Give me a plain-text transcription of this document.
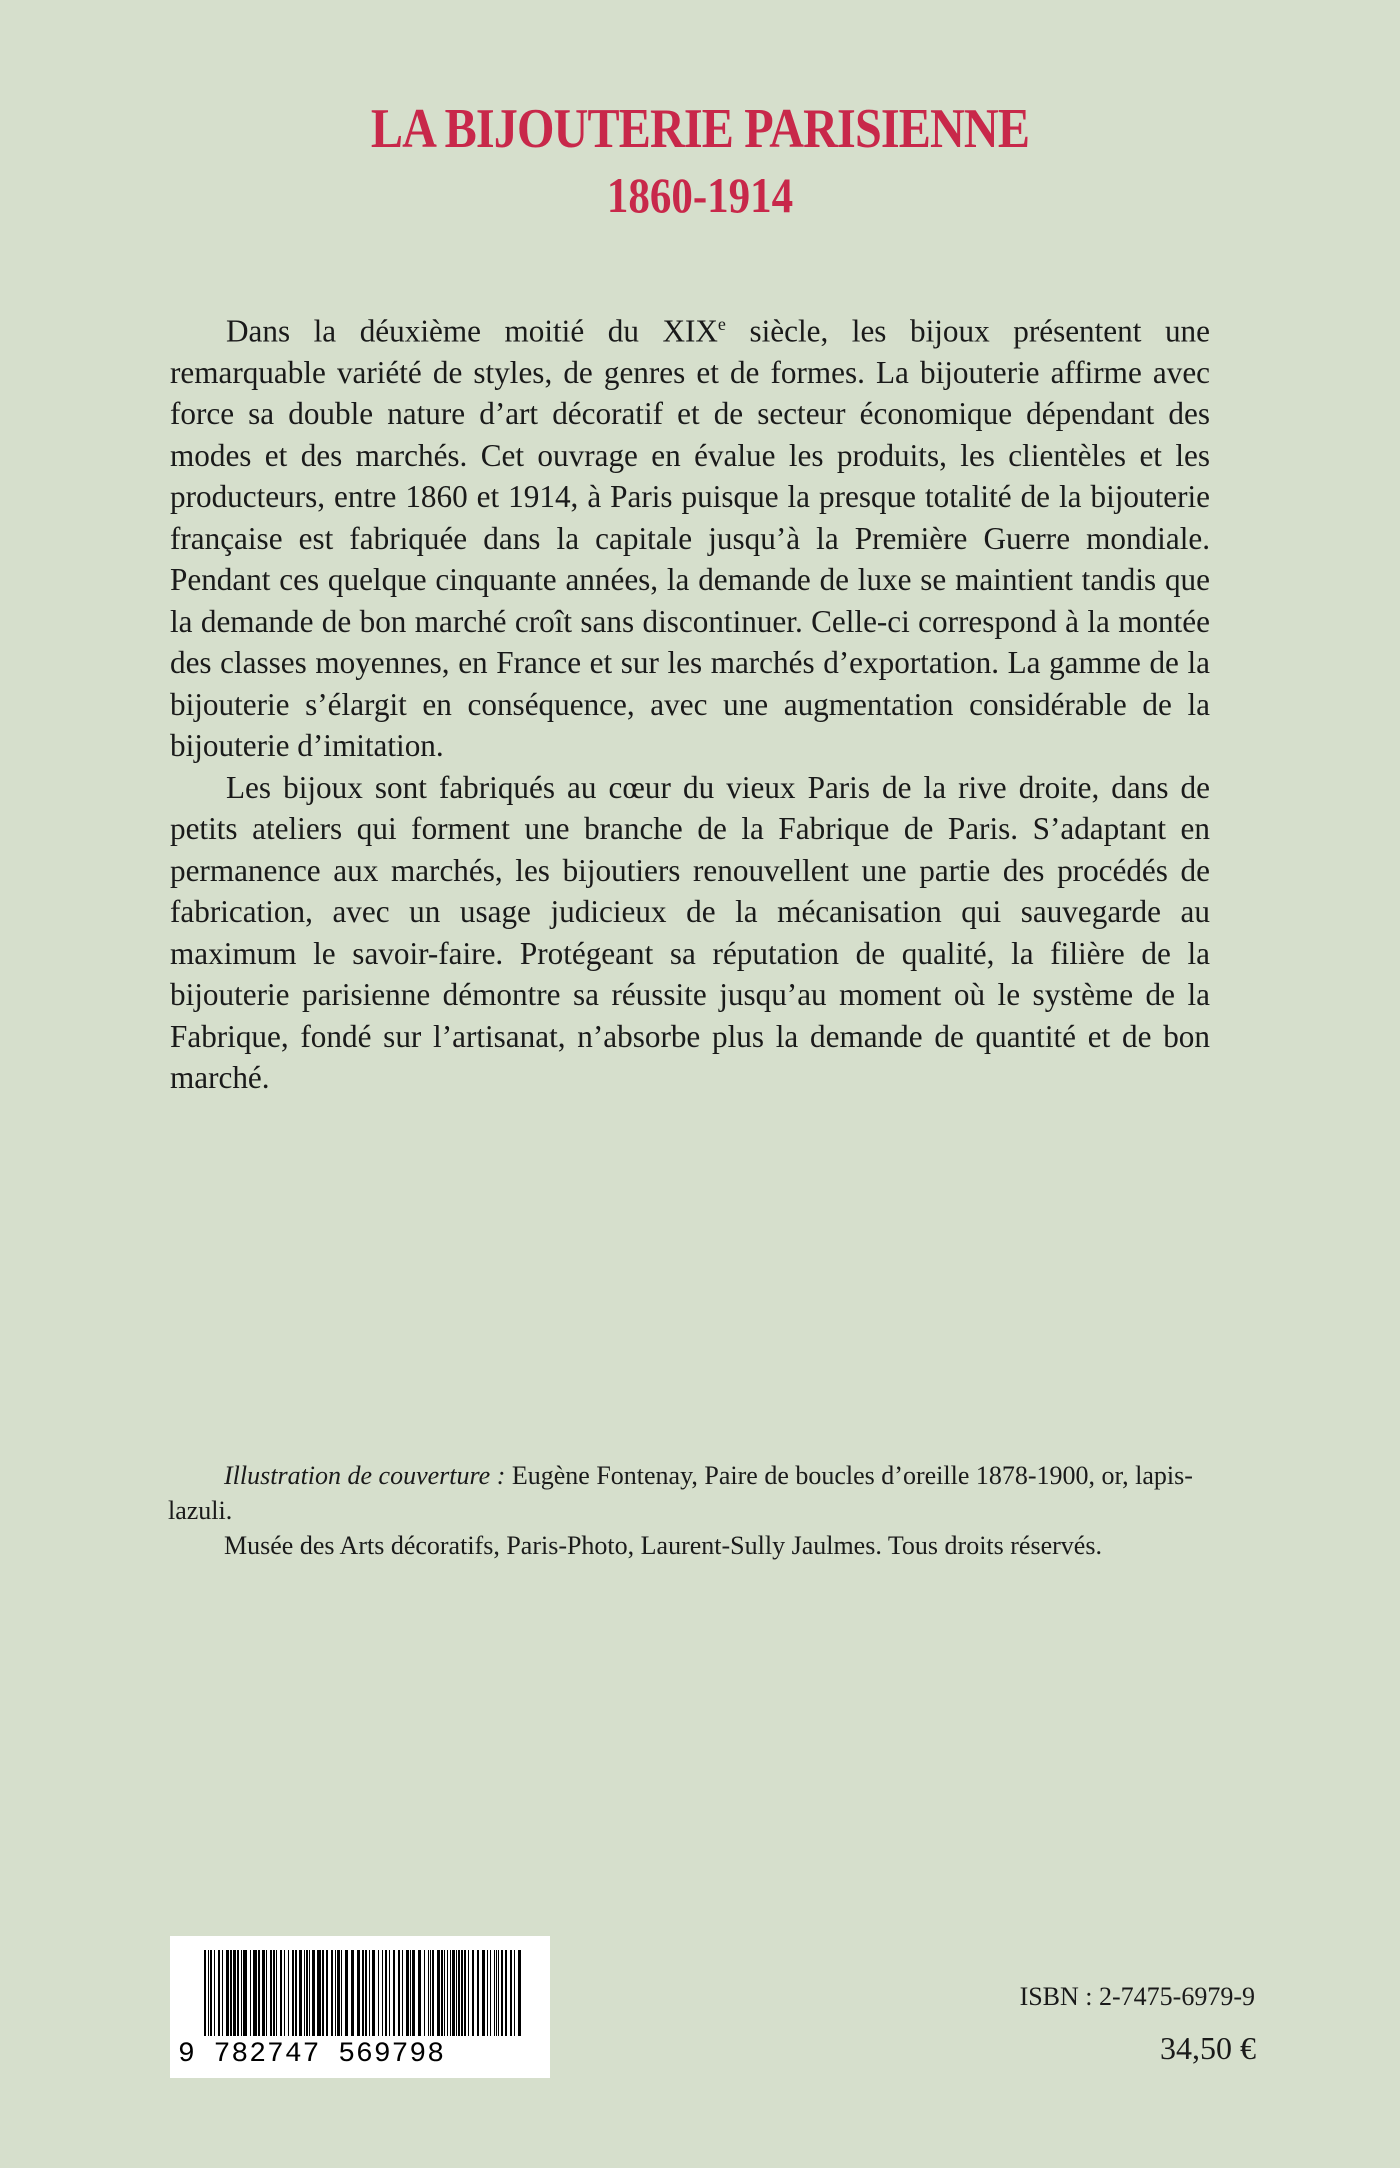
LA BIJOUTERIE PARISIENNE
1860-1914

Dans la déuxième moitié du XIXe siècle, les bijoux présentent une remarquable variété de styles, de genres et de formes. La bijouterie affirme avec force sa double nature d’art décoratif et de secteur économique dépendant des modes et des marchés. Cet ouvrage en évalue les produits, les clientèles et les producteurs, entre 1860 et 1914, à Paris puisque la presque totalité de la bijouterie française est fabriquée dans la capitale jusqu’à la Première Guerre mondiale. Pendant ces quelque cinquante années, la demande de luxe se maintient tandis que la demande de bon marché croît sans discontinuer. Celle-ci correspond à la montée des classes moyennes, en France et sur les marchés d’exportation. La gamme de la bijouterie s’élargit en conséquence, avec une augmentation considérable de la bijouterie d’imitation.

Les bijoux sont fabriqués au cœur du vieux Paris de la rive droite, dans de petits ateliers qui forment une branche de la Fabrique de Paris. S’adaptant en permanence aux marchés, les bijoutiers renouvellent une partie des procédés de fabrication, avec un usage judicieux de la mécanisation qui sauvegarde au maximum le savoir-faire. Protégeant sa réputation de qualité, la filière de la bijouterie parisienne démontre sa réussite jusqu’au moment où le système de la Fabrique, fondé sur l’artisanat, n’absorbe plus la demande de quantité et de bon marché.

Illustration de couverture : Eugène Fontenay, Paire de boucles d’oreille 1878-1900, or, lapis-lazuli.

Musée des Arts décoratifs, Paris-Photo, Laurent-Sully Jaulmes. Tous droits réservés.

9 782747 569798
ISBN : 2-7475-6979-9
34,50 €
